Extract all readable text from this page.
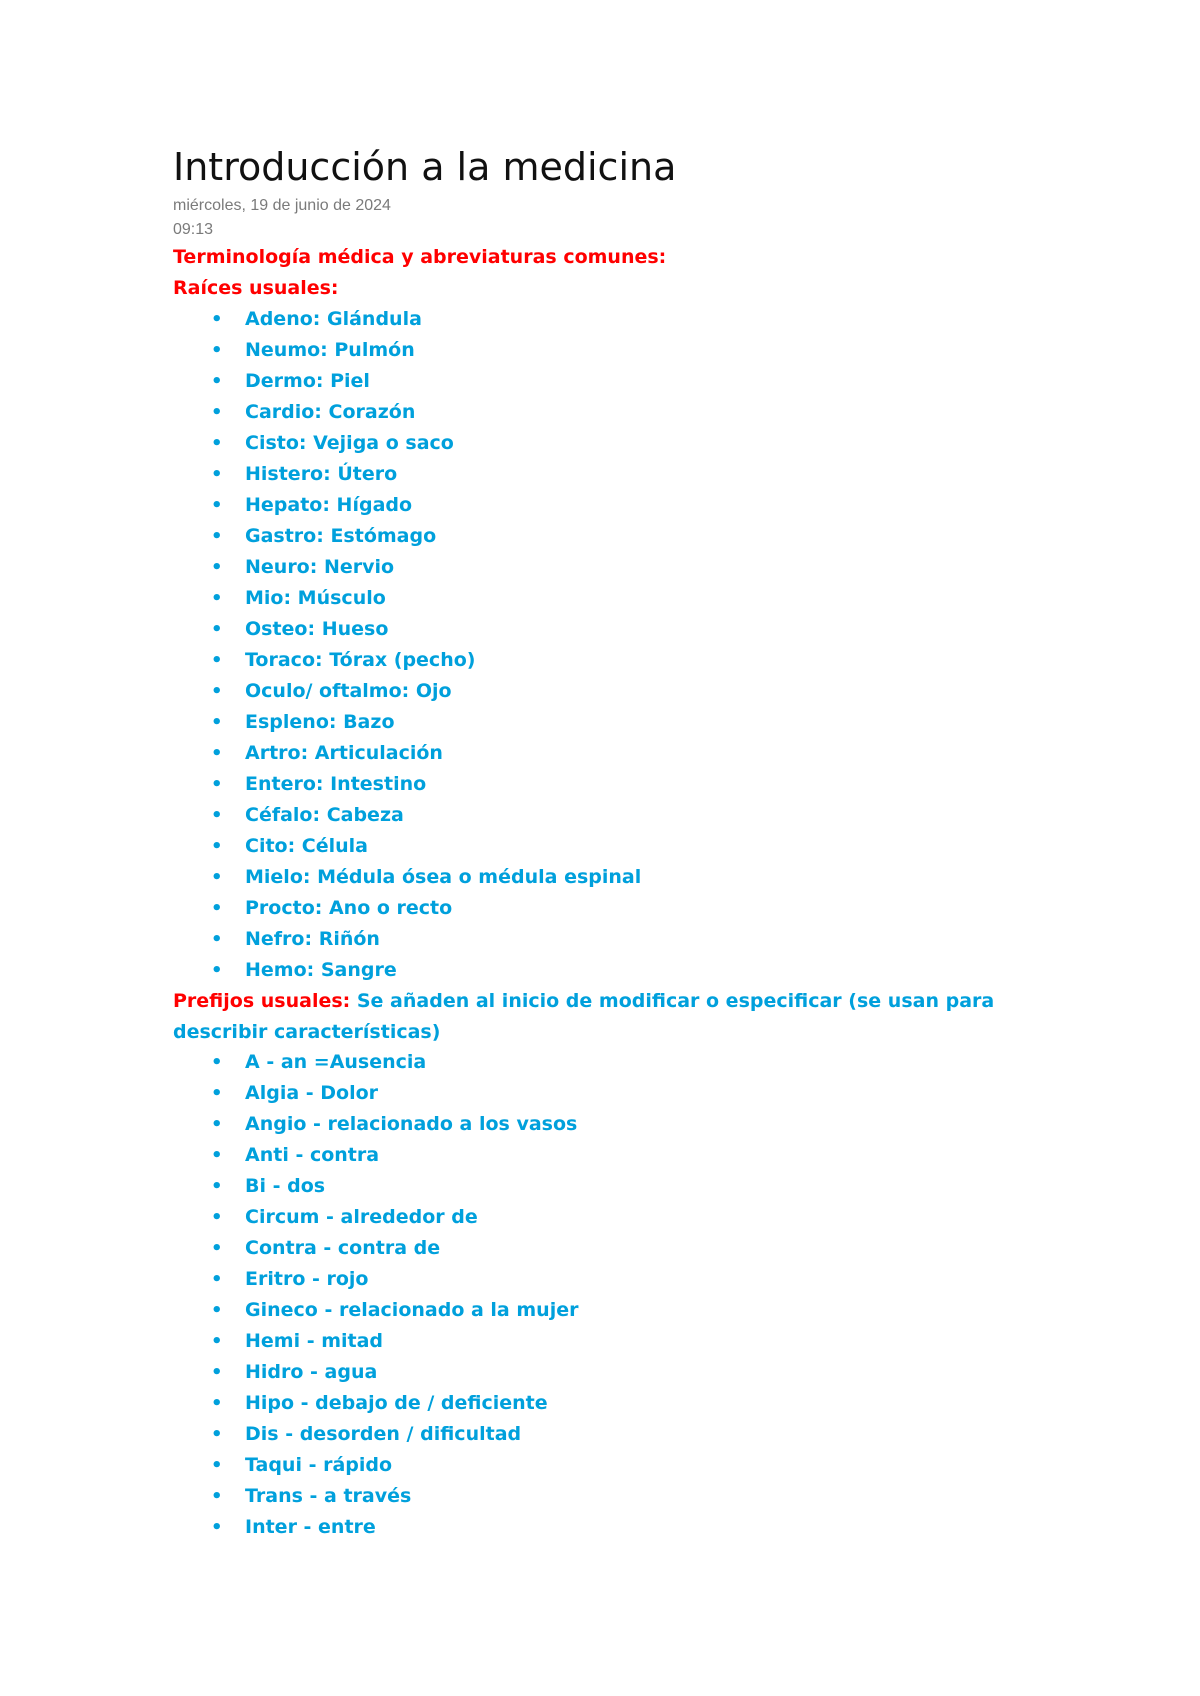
Introducción a la medicina
miércoles, 19 de junio de 2024
09:13
Terminología médica y abreviaturas comunes:
Raíces usuales:
• Adeno: Glándula
• Neumo: Pulmón
• Dermo: Piel
• Cardio: Corazón
• Cisto: Vejiga o saco
• Histero: Útero
• Hepato: Hígado
• Gastro: Estómago
• Neuro: Nervio
• Mio: Músculo
• Osteo: Hueso
• Toraco: Tórax (pecho)
• Oculo/ oftalmo: Ojo
• Espleno: Bazo
• Artro: Articulación
• Entero: Intestino
• Céfalo: Cabeza
• Cito: Célula
• Mielo: Médula ósea o médula espinal
• Procto: Ano o recto
• Nefro: Riñón
• Hemo: Sangre
Prefijos usuales: Se añaden al inicio de modificar o especificar (se usan para describir características)
• A - an =Ausencia
• Algia - Dolor
• Angio - relacionado a los vasos
• Anti - contra
• Bi - dos
• Circum - alrededor de
• Contra - contra de
• Eritro - rojo
• Gineco - relacionado a la mujer
• Hemi - mitad
• Hidro - agua
• Hipo - debajo de / deficiente
• Dis - desorden / dificultad
• Taqui - rápido
• Trans - a través
• Inter - entre
